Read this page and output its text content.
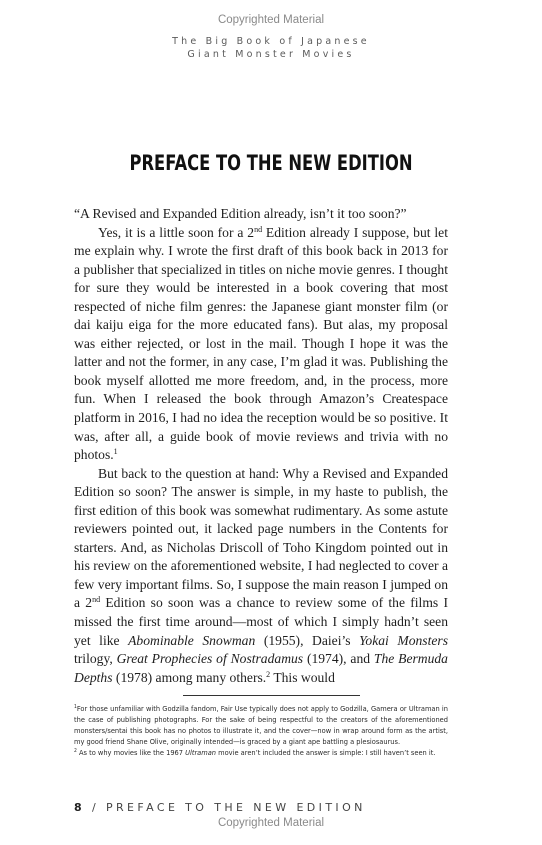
Copyrighted Material
The Big Book of Japanese
Giant Monster Movies
PREFACE TO THE NEW EDITION

“A Revised and Expanded Edition already, isn’t it too soon?”

Yes, it is a little soon for a 2nd Edition already I suppose, but let me explain why. I wrote the first draft of this book back in 2013 for a publisher that specialized in titles on niche movie genres. I thought for sure they would be interested in a book covering that most respected of niche film genres: the Japanese giant monster film (or dai kaiju eiga for the more educated fans). But alas, my proposal was either rejected, or lost in the mail. Though I hope it was the latter and not the former, in any case, I’m glad it was. Publishing the book myself allotted me more freedom, and, in the process, more fun. When I released the book through Amazon’s Createspace platform in 2016, I had no idea the reception would be so positive. It was, after all, a guide book of movie reviews and trivia with no photos.$^1$

But back to the question at hand: Why a Revised and Expanded Edition so soon? The answer is simple, in my haste to publish, the first edition of this book was somewhat rudimentary. As some astute reviewers pointed out, it lacked page numbers in the Contents for starters. And, as Nicholas Driscoll of Toho Kingdom pointed out in his review on the aforementioned website, I had neglected to cover a few very important films. So, I suppose the main reason I jumped on a 2nd Edition so soon was a chance to review some of the films I missed the first time around—most of which I simply hadn’t seen yet like Abominable Snowman (1955), Daiei’s Yokai Monsters trilogy, Great Prophecies of Nostradamus (1974), and The Bermuda Depths (1978) among many others.$^2$ This would

$^1$For those unfamiliar with Godzilla fandom, Fair Use typically does not apply to Godzilla, Gamera or Ultraman in the case of publishing photographs. For the sake of being respectful to the creators of the aforementioned monsters/sentai this book has no photos to illustrate it, and the cover—now in wrap around form as the artist, my good friend Shane Olive, originally intended—is graced by a giant ape battling a plesiosaurus.

$^2$ As to why movies like the 1967 Ultraman movie aren’t included the answer is simple: I still haven’t seen it.

8 / PREFACE TO THE NEW EDITION
Copyrighted Material
